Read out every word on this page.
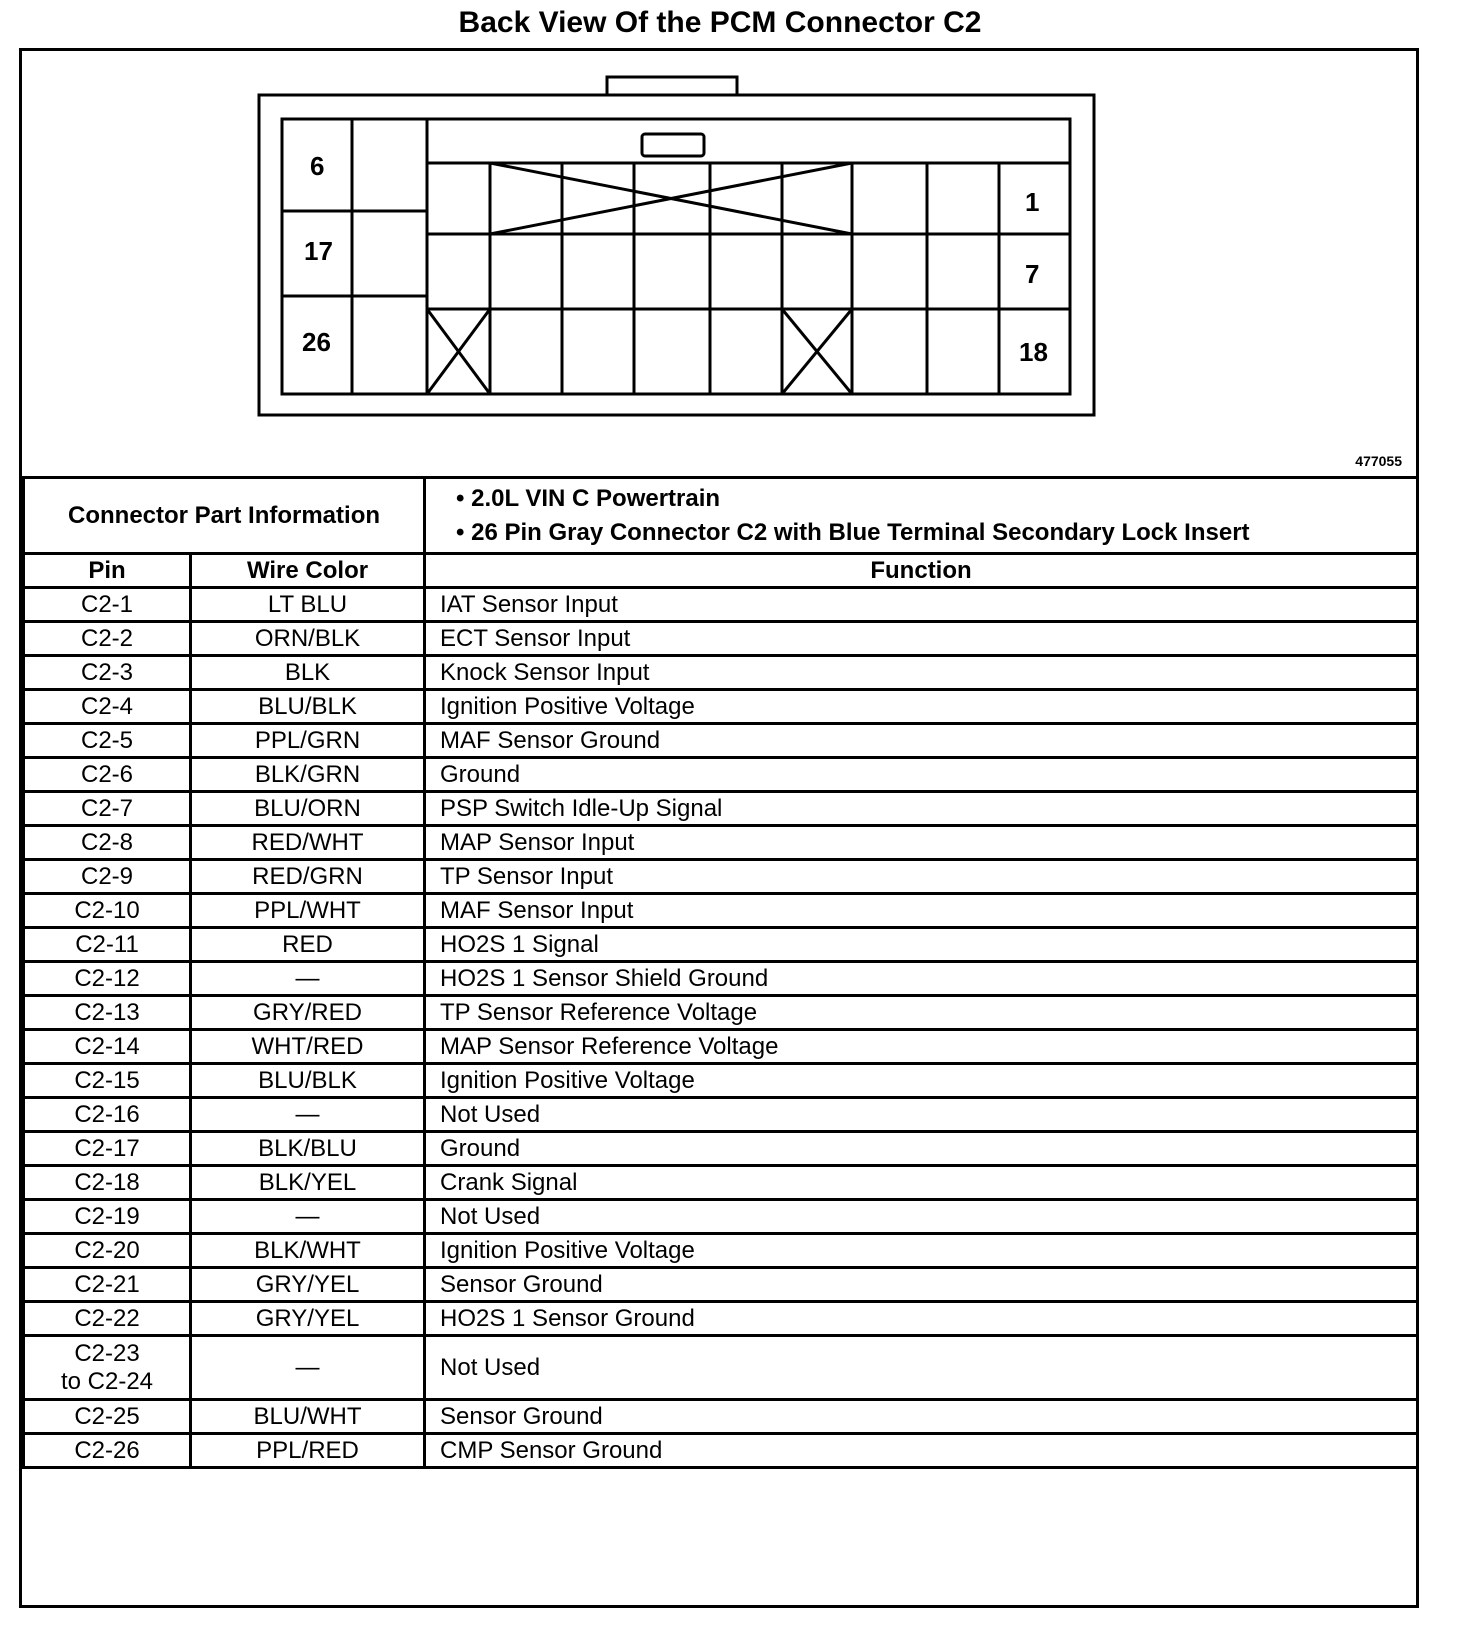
Back View Of the PCM Connector C2
6
17
26
1
7
18
477055
Connector Part Information		• 2.0L VIN C Powertrain
• 26 Pin Gray Connector C2 with Blue Terminal Secondary Lock Insert

Pin	Wire Color	Function
C2-1	LT BLU	IAT Sensor Input
C2-2	ORN/BLK	ECT Sensor Input
C2-3	BLK	Knock Sensor Input
C2-4	BLU/BLK	Ignition Positive Voltage
C2-5	PPL/GRN	MAF Sensor Ground
C2-6	BLK/GRN	Ground
C2-7	BLU/ORN	PSP Switch Idle-Up Signal
C2-8	RED/WHT	MAP Sensor Input
C2-9	RED/GRN	TP Sensor Input
C2-10	PPL/WHT	MAF Sensor Input
C2-11	RED	HO2S 1 Signal
C2-12	—	HO2S 1 Sensor Shield Ground
C2-13	GRY/RED	TP Sensor Reference Voltage
C2-14	WHT/RED	MAP Sensor Reference Voltage
C2-15	BLU/BLK	Ignition Positive Voltage
C2-16	—	Not Used
C2-17	BLK/BLU	Ground
C2-18	BLK/YEL	Crank Signal
C2-19	—	Not Used
C2-20	BLK/WHT	Ignition Positive Voltage
C2-21	GRY/YEL	Sensor Ground
C2-22	GRY/YEL	HO2S 1 Sensor Ground

C2-23
to C2-24	—	Not Used
C2-25	BLU/WHT	Sensor Ground
C2-26	PPL/RED	CMP Sensor Ground
